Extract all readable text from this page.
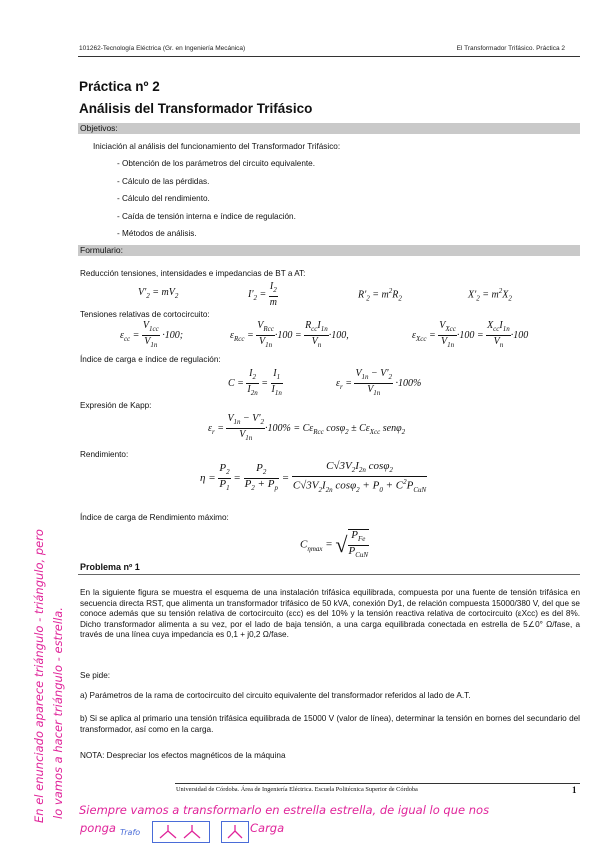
101262-Tecnología Eléctrica (Gr. en Ingeniería Mecánica)	El Transformador Trifásico. Práctica 2
Práctica nº 2
Análisis del Transformador Trifásico
Objetivos:
Iniciación al análisis del funcionamiento del Transformador Trifásico:
- Obtención de los parámetros del circuito equivalente.
- Cálculo de las pérdidas.
- Cálculo del rendimiento.
- Caída de tensión interna e índice de regulación.
- Métodos de análisis.
Formulario:
Reducción tensiones, intensidades e impedancias de BT a AT:
$V'_2 = mV_2$	$I'_2 = \frac{I_2}{m}$	$R'_2 = m^2R_2$	$X'_2 = m^2X_2$
Tensiones relativas de cortocircuito:
$\varepsilon_{cc} = \frac{V_{1cc}}{V_{1n}} \cdot 100$;	$\varepsilon_{Rcc} = \frac{V_{Rcc}}{V_{1n}} \cdot 100 = \frac{R_{cc}I_{1n}}{V_n} \cdot 100$,	$\varepsilon_{Xcc} = \frac{V_{Xcc}}{V_{1n}} \cdot 100 = \frac{X_{cc}I_{1n}}{V_n} \cdot 100$
Índice de carga e índice de regulación:
$C = \frac{I_2}{I_{2n}} = \frac{I_1}{I_{1n}}$	$\varepsilon_r = \frac{V_{1n} - V'_2}{V_{1n}} \cdot 100\%$
Expresión de Kapp:
$\varepsilon_r = \frac{V_{1n} - V'_2}{V_{1n}} \cdot 100\% = C\varepsilon_{Rcc}$ $\cos\varphi_2 \pm C\varepsilon_{Xcc}$ senφ$_2$
Rendimiento:
$\eta = \frac{P_2}{P_1} = \frac{P_2}{P_2 + P_p} = \frac{C√3V_2I_{2n} \cos\varphi_2}{C√3V_2I_{2n} \cos\varphi_2 + P_0 + C^2P_{CuN}}$
Índice de carga de Rendimiento máximo:
$C_{\eta max}$ = √ $\frac{P_{Fe}}{P_{CuN}}$
Problema nº 1
En la siguiente figura se muestra el esquema de una instalación trifásica equilibrada, compuesta por una fuente de tensión trifásica en secuencia directa RST, que alimenta un transformador trifásico de 50 kVA, conexión Dy1, de relación compuesta 15000/380 V, del que se conoce además que su tensión relativa de cortocircuito (εcc) es del 10% y la tensión reactiva relativa de cortocircuito (εXcc) es del 8%. Dicho transformador alimenta a su vez, por el lado de baja tensión, a una carga equilibrada conectada en estrella de 5∠0° Ω/fase, a través de una línea cuya impedancia es 0,1 + j0,2 Ω/fase.
Se pide:
a) Parámetros de la rama de cortocircuito del circuito equivalente del transformador referidos al lado de A.T.
b) Si se aplica al primario una tensión trifásica equilibrada de 15000 V (valor de línea), determinar la tensión en bornes del secundario del transformador, así como en la carga.
NOTA: Despreciar los efectos magnéticos de la máquina
Universidad de Córdoba. Área de Ingeniería Eléctrica. Escuela Politécnica Superior de Córdoba	1
En el enunciado aparece triángulo - triángulo, pero lo vamos a hacer triángulo - estrella. Siempre vamos a transformarlo en estrella estrella, de igual lo que nos
ponga Trafo	Carga
